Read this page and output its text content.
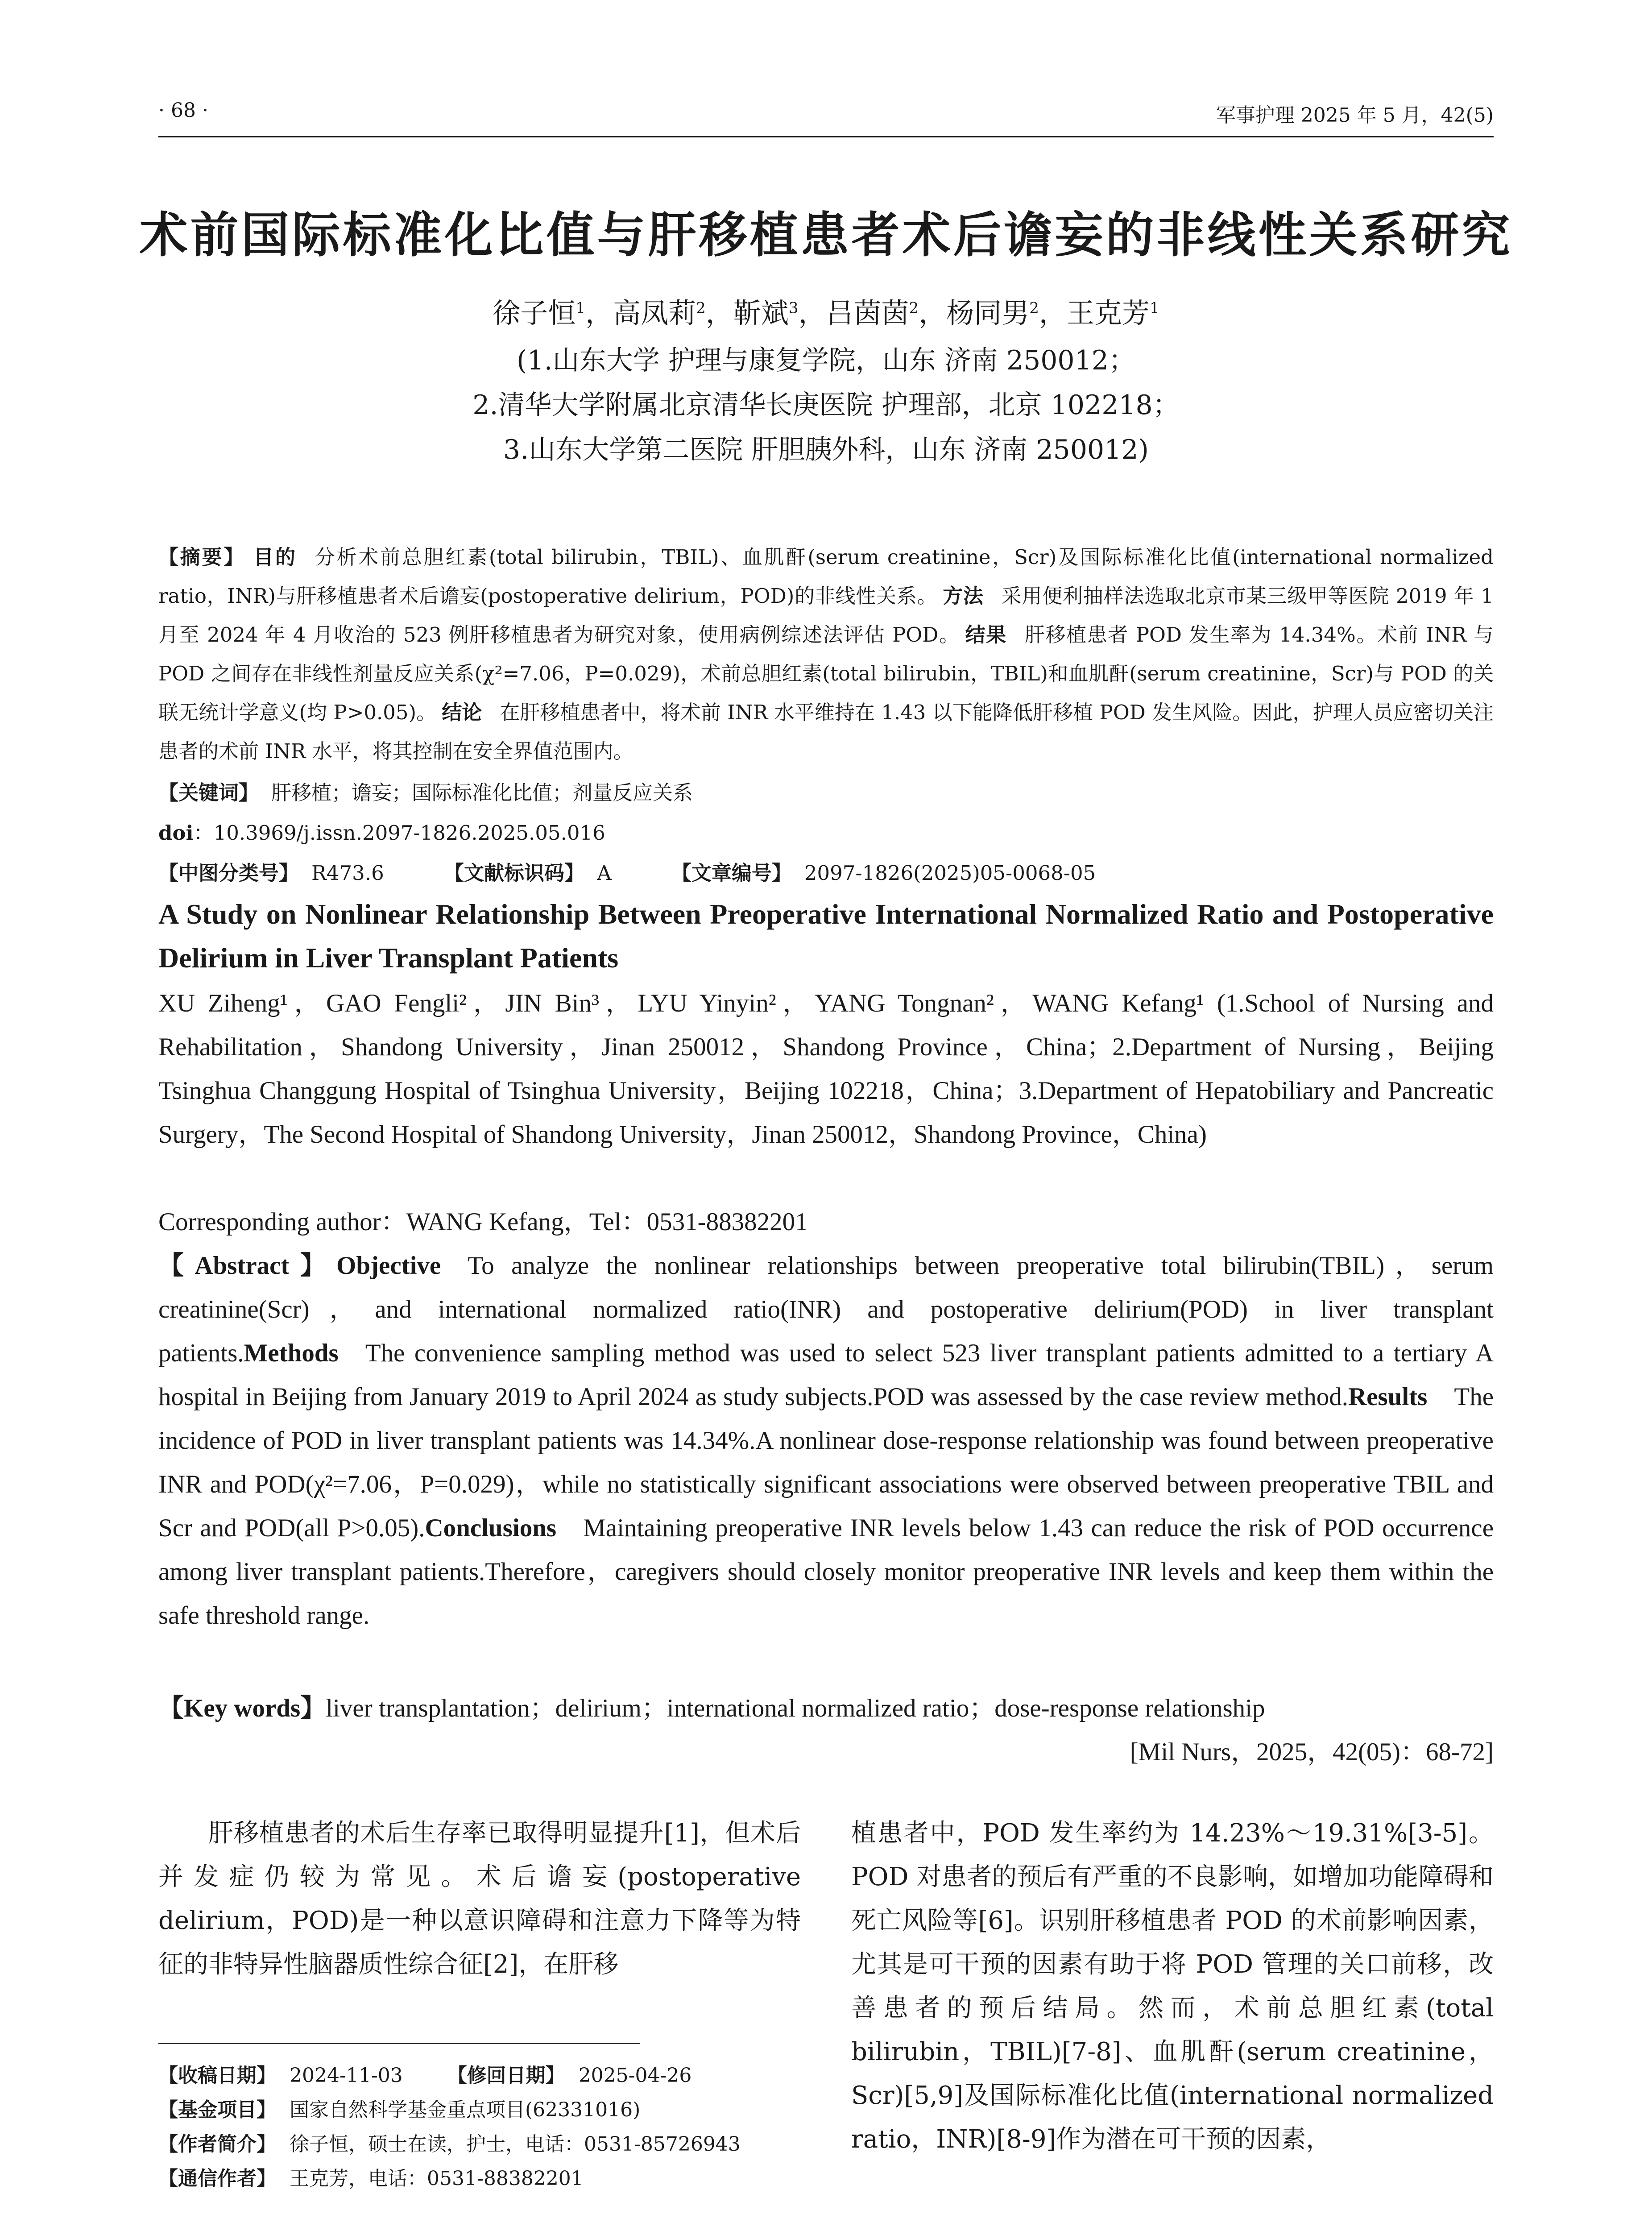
· 68 ·	军事护理 2025 年 5 月，42(5)
术前国际标准化比值与肝移植患者术后谵妄的非线性关系研究
徐子恒$^1$，高凤莉$^2$，靳斌$^3$，吕茵茵$^2$，杨同男$^2$，王克芳$^1$
(1.山东大学 护理与康复学院，山东 济南 250012；
2.清华大学附属北京清华长庚医院 护理部，北京 102218；
3.山东大学第二医院 肝胆胰外科，山东 济南 250012)
【摘要】 目的 分析术前总胆红素(total bilirubin，TBIL)、血肌酐(serum creatinine，Scr)及国际标准化比值(international normalized ratio，INR)与肝移植患者术后谵妄(postoperative delirium，POD)的非线性关系。 方法 采用便利抽样法选取北京市某三级甲等医院 2019 年 1 月至 2024 年 4 月收治的 523 例肝移植患者为研究对象，使用病例综述法评估 POD。 结果 肝移植患者 POD 发生率为 14.34%。术前 INR 与 POD 之间存在非线性剂量反应关系(χ²=7.06，P=0.029)，术前总胆红素(total bilirubin，TBIL)和血肌酐(serum creatinine，Scr)与 POD 的关联无统计学意义(均 P>0.05)。 结论 在肝移植患者中，将术前 INR 水平维持在 1.43 以下能降低肝移植 POD 发生风险。因此，护理人员应密切关注患者的术前 INR 水平，将其控制在安全界值范围内。
【关键词】 肝移植；谵妄；国际标准化比值；剂量反应关系
doi：10.3969/j.issn.2097-1826.2025.05.016
【中图分类号】 R473.6	【文献标识码】 A	【文章编号】 2097-1826(2025)05-0068-05
A Study on Nonlinear Relationship Between Preoperative International Normalized Ratio and Postoperative Delirium in Liver Transplant Patients
XU Ziheng¹，GAO Fengli²，JIN Bin³，LYU Yinyin²，YANG Tongnan²，WANG Kefang¹ (1.School of Nursing and Rehabilitation，Shandong University，Jinan 250012，Shandong Province，China；2.Department of Nursing，Beijing Tsinghua Changgung Hospital of Tsinghua University，Beijing 102218，China；3.Department of Hepatobiliary and Pancreatic Surgery，The Second Hospital of Shandong University，Jinan 250012，Shandong Province，China)
Corresponding author：WANG Kefang，Tel：0531-88382201
【Abstract】Objective To analyze the nonlinear relationships between preoperative total bilirubin(TBIL)，serum creatinine(Scr)，and international normalized ratio(INR) and postoperative delirium(POD) in liver transplant patients.Methods The convenience sampling method was used to select 523 liver transplant patients admitted to a tertiary A hospital in Beijing from January 2019 to April 2024 as study subjects.POD was assessed by the case review method.Results The incidence of POD in liver transplant patients was 14.34%.A nonlinear dose-response relationship was found between preoperative INR and POD(χ²=7.06，P=0.029)，while no statistically significant associations were observed between preoperative TBIL and Scr and POD(all P>0.05).Conclusions Maintaining preoperative INR levels below 1.43 can reduce the risk of POD occurrence among liver transplant patients.Therefore，caregivers should closely monitor preoperative INR levels and keep them within the safe threshold range.
【Key words】liver transplantation；delirium；international normalized ratio；dose-response relationship
[Mil Nurs，2025，42(05)：68-72]
肝移植患者的术后生存率已取得明显提升[1]，但术后并发症仍较为常见。术后谵妄(postoperative delirium，POD)是一种以意识障碍和注意力下降等为特征的非特异性脑器质性综合征[2]，在肝移
植患者中，POD 发生率约为 14.23%～19.31%[3-5]。POD 对患者的预后有严重的不良影响，如增加功能障碍和死亡风险等[6]。识别肝移植患者 POD 的术前影响因素，尤其是可干预的因素有助于将 POD 管理的关口前移，改善患者的预后结局。然而，术前总胆红素(total bilirubin，TBIL)[7-8]、血肌酐(serum creatinine，Scr)[5,9]及国际标准化比值(international normalized ratio，INR)[8-9]作为潜在可干预的因素，
【收稿日期】 2024-11-03 【修回日期】 2025-04-26
【基金项目】 国家自然科学基金重点项目(62331016)
【作者简介】 徐子恒，硕士在读，护士，电话：0531-85726943
【通信作者】 王克芳，电话：0531-88382201
